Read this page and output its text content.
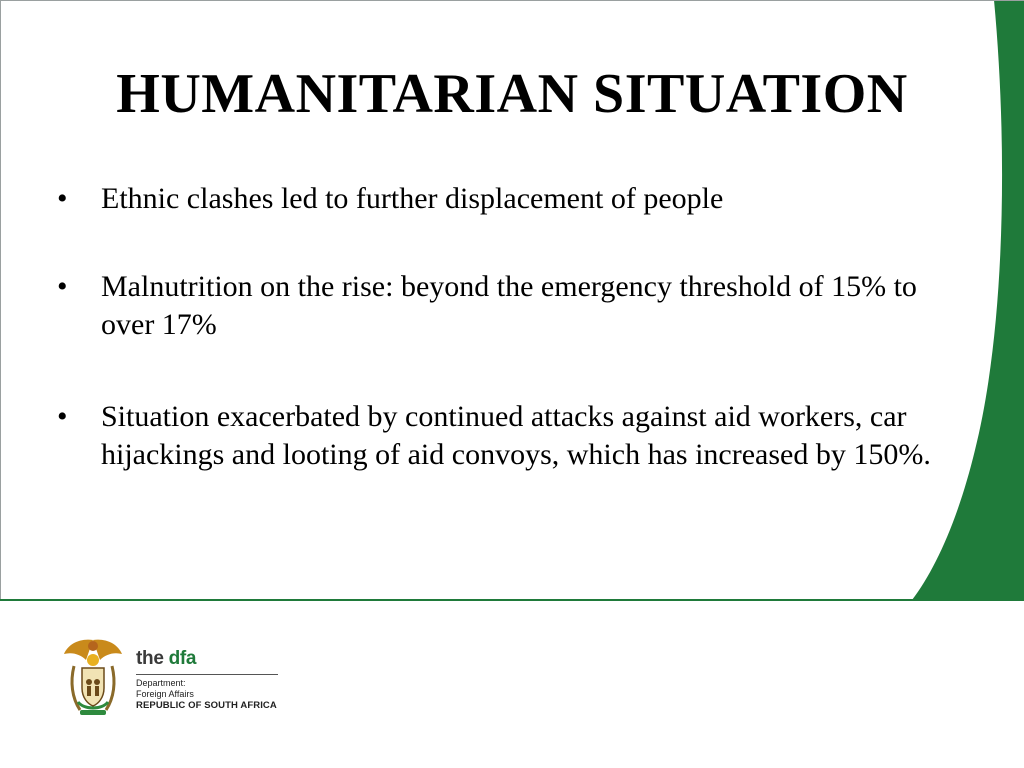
HUMANITARIAN SITUATION
• Ethnic clashes led to further displacement of people
• Malnutrition on the rise: beyond the emergency threshold of 15% to over 17%
• Situation exacerbated by continued attacks against aid workers, car hijackings and looting of aid convoys, which has increased by 150%.
the dfa
Department:
Foreign Affairs
REPUBLIC OF SOUTH AFRICA
